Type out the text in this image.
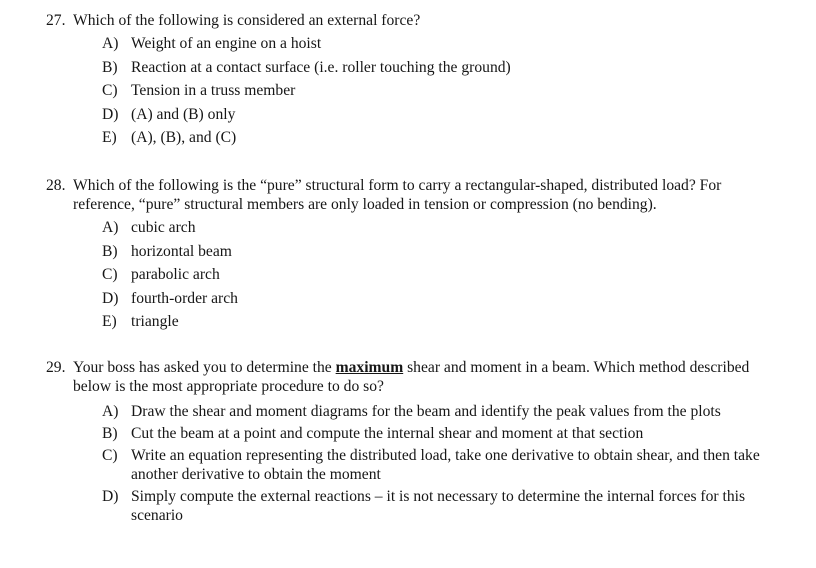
27. Which of the following is considered an external force?
A) Weight of an engine on a hoist
B) Reaction at a contact surface (i.e. roller touching the ground)
C) Tension in a truss member
D) (A) and (B) only
E) (A), (B), and (C)
28. Which of the following is the “pure” structural form to carry a rectangular-shaped, distributed load? For reference, “pure” structural members are only loaded in tension or compression (no bending).
A) cubic arch
B) horizontal beam
C) parabolic arch
D) fourth-order arch
E) triangle
29. Your boss has asked you to determine the maximum shear and moment in a beam. Which method described below is the most appropriate procedure to do so?
A) Draw the shear and moment diagrams for the beam and identify the peak values from the plots
B) Cut the beam at a point and compute the internal shear and moment at that section
C) Write an equation representing the distributed load, take one derivative to obtain shear, and then take another derivative to obtain the moment
D) Simply compute the external reactions – it is not necessary to determine the internal forces for this scenario
